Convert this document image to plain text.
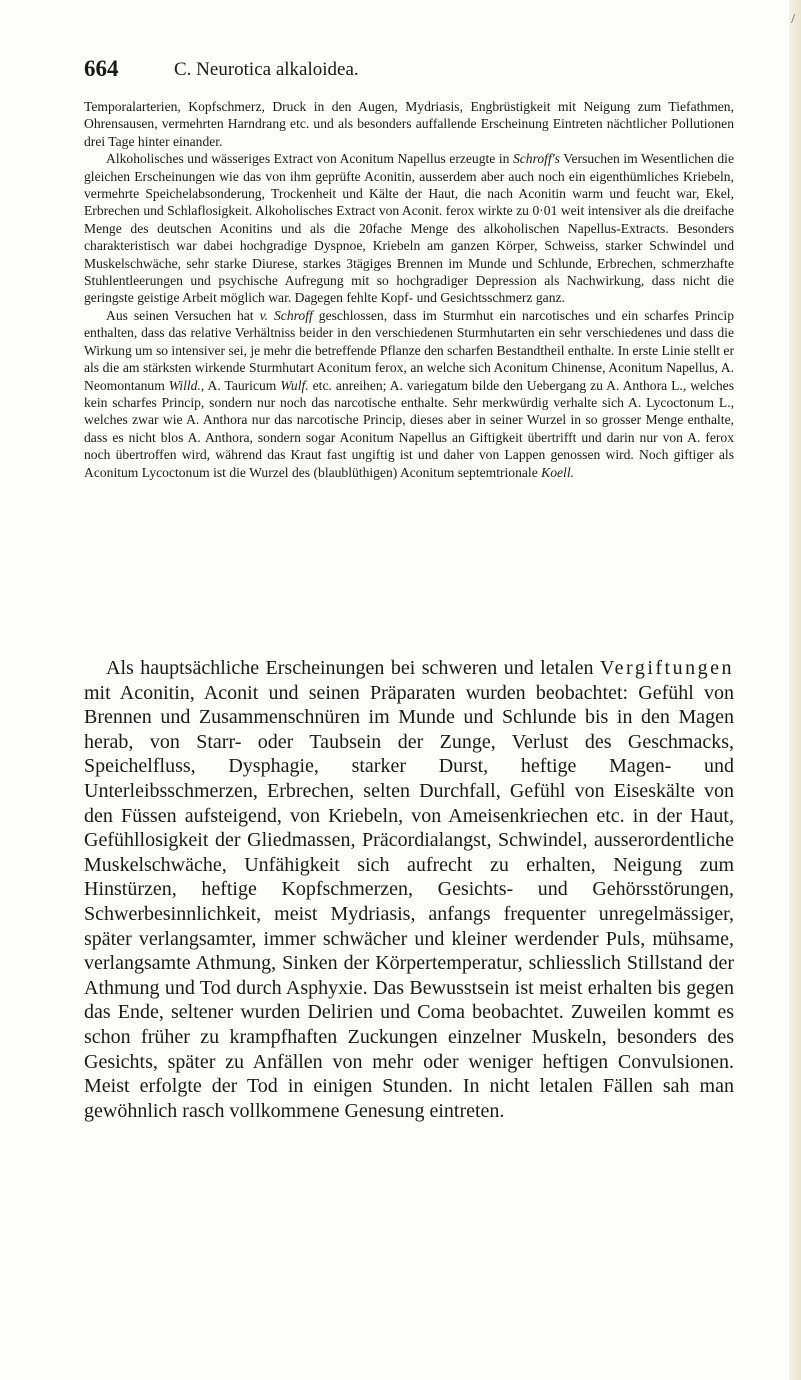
/
664	C. Neurotica alkaloidea.

Temporalarterien, Kopfschmerz, Druck in den Augen, Mydriasis, Engbrüstigkeit mit Neigung zum Tiefathmen, Ohrensausen, vermehrten Harndrang etc. und als besonders auffallende Erscheinung Eintreten nächtlicher Pollutionen drei Tage hinter einander.

Alkoholisches und wässeriges Extract von Aconitum Napellus erzeugte in Schroff's Versuchen im Wesentlichen die gleichen Erscheinungen wie das von ihm geprüfte Aconitin, ausserdem aber auch noch ein eigenthümliches Kriebeln, vermehrte Speichelabsonderung, Trockenheit und Kälte der Haut, die nach Aconitin warm und feucht war, Ekel, Erbrechen und Schlaflosigkeit. Alkoholisches Extract von Aconit. ferox wirkte zu 0·01 weit intensiver als die dreifache Menge des deutschen Aconitins und als die 20fache Menge des alkoholischen Napellus-Extracts. Besonders charakteristisch war dabei hochgradige Dyspnoe, Kriebeln am ganzen Körper, Schweiss, starker Schwindel und Muskelschwäche, sehr starke Diurese, starkes 3tägiges Brennen im Munde und Schlunde, Erbrechen, schmerzhafte Stuhlentleerungen und psychische Aufregung mit so hochgradiger Depression als Nachwirkung, dass nicht die geringste geistige Arbeit möglich war. Dagegen fehlte Kopf- und Gesichtsschmerz ganz.

Aus seinen Versuchen hat v. Schroff geschlossen, dass im Sturmhut ein narcotisches und ein scharfes Princip enthalten, dass das relative Verhältniss beider in den verschiedenen Sturmhutarten ein sehr verschiedenes und dass die Wirkung um so intensiver sei, je mehr die betreffende Pflanze den scharfen Bestandtheil enthalte. In erste Linie stellt er als die am stärksten wirkende Sturmhutart Aconitum ferox, an welche sich Aconitum Chinense, Aconitum Napellus, A. Neomontanum Willd., A. Tauricum Wulf. etc. anreihen; A. variegatum bilde den Uebergang zu A. Anthora L., welches kein scharfes Princip, sondern nur noch das narcotische enthalte. Sehr merkwürdig verhalte sich A. Lycoctonum L., welches zwar wie A. Anthora nur das narcotische Princip, dieses aber in seiner Wurzel in so grosser Menge enthalte, dass es nicht blos A. Anthora, sondern sogar Aconitum Napellus an Giftigkeit übertrifft und darin nur von A. ferox noch übertroffen wird, während das Kraut fast ungiftig ist und daher von Lappen genossen wird. Noch giftiger als Aconitum Lycoctonum ist die Wurzel des (blaublüthigen) Aconitum septemtrionale Koell.

Als hauptsächliche Erscheinungen bei schweren und letalen Vergiftungen mit Aconitin, Aconit und seinen Präparaten wurden beobachtet: Gefühl von Brennen und Zusammenschnüren im Munde und Schlunde bis in den Magen herab, von Starr- oder Taubsein der Zunge, Verlust des Geschmacks, Speichelfluss, Dysphagie, starker Durst, heftige Magen- und Unterleibsschmerzen, Erbrechen, selten Durchfall, Gefühl von Eiseskälte von den Füssen aufsteigend, von Kriebeln, von Ameisenkriechen etc. in der Haut, Gefühllosigkeit der Gliedmassen, Präcordialangst, Schwindel, ausserordentliche Muskelschwäche, Unfähigkeit sich aufrecht zu erhalten, Neigung zum Hinstürzen, heftige Kopfschmerzen, Gesichts- und Gehörsstörungen, Schwerbesinnlichkeit, meist Mydriasis, anfangs frequenter unregelmässiger, später verlangsamter, immer schwächer und kleiner werdender Puls, mühsame, verlangsamte Athmung, Sinken der Körpertemperatur, schliesslich Stillstand der Athmung und Tod durch Asphyxie. Das Bewusstsein ist meist erhalten bis gegen das Ende, seltener wurden Delirien und Coma beobachtet. Zuweilen kommt es schon früher zu krampfhaften Zuckungen einzelner Muskeln, besonders des Gesichts, später zu Anfällen von mehr oder weniger heftigen Convulsionen. Meist erfolgte der Tod in einigen Stunden. In nicht letalen Fällen sah man gewöhnlich rasch vollkommene Genesung eintreten.
